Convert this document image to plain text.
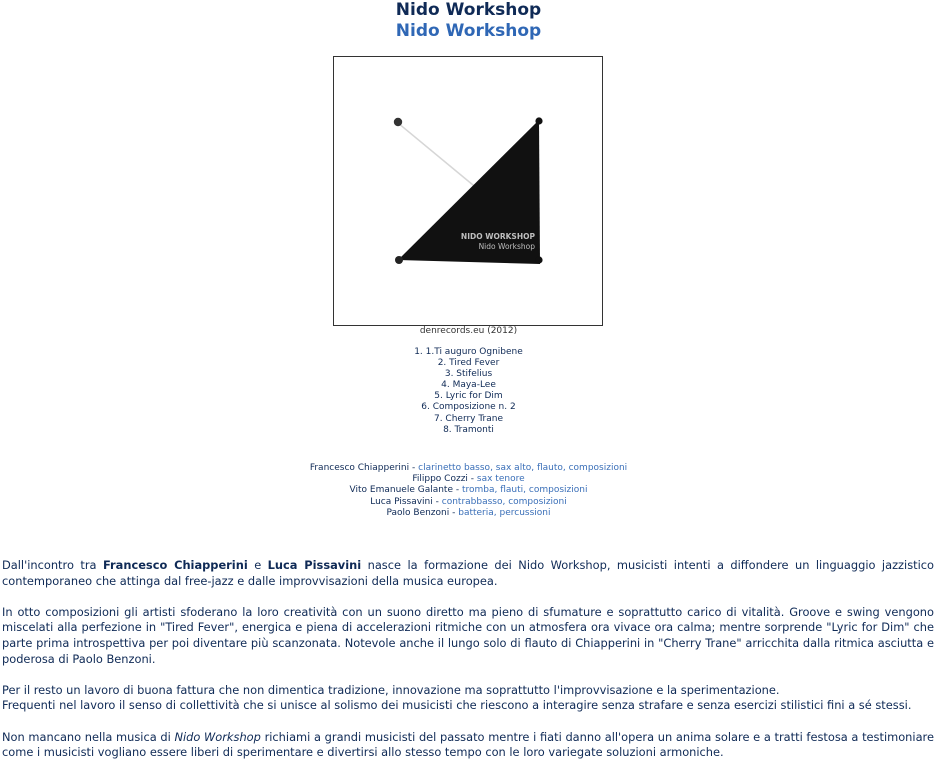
Nido Workshop
Nido Workshop
NIDO WORKSHOP
Nido Workshop
denrecords.eu (2012)
1. 1.Ti auguro Ognibene
2. Tired Fever
3. Stifelius
4. Maya-Lee
5. Lyric for Dim
6. Composizione n. 2
7. Cherry Trane
8. Tramonti
Francesco Chiapperini - clarinetto basso, sax alto, flauto, composizioni
Filippo Cozzi - sax tenore
Vito Emanuele Galante - tromba, flauti, composizioni
Luca Pissavini - contrabbasso, composizioni
Paolo Benzoni - batteria, percussioni

Dall'incontro tra Francesco Chiapperini e Luca Pissavini nasce la formazione dei Nido Workshop, musicisti intenti a diffondere un linguaggio jazzistico contemporaneo che attinga dal free-jazz e dalle improvvisazioni della musica europea.

In otto composizioni gli artisti sfoderano la loro creatività con un suono diretto ma pieno di sfumature e soprattutto carico di vitalità. Groove e swing vengono miscelati alla perfezione in "Tired Fever", energica e piena di accelerazioni ritmiche con un atmosfera ora vivace ora calma; mentre sorprende "Lyric for Dim" che parte prima introspettiva per poi diventare più scanzonata. Notevole anche il lungo solo di flauto di Chiapperini in "Cherry Trane" arricchita dalla ritmica asciutta e poderosa di Paolo Benzoni.

Per il resto un lavoro di buona fattura che non dimentica tradizione, innovazione ma soprattutto l'improvvisazione e la sperimentazione.
Frequenti nel lavoro il senso di collettività che si unisce al solismo dei musicisti che riescono a interagire senza strafare e senza esercizi stilistici fini a sé stessi.

Non mancano nella musica di Nido Workshop richiami a grandi musicisti del passato mentre i fiati danno all'opera un anima solare e a tratti festosa a testimoniare come i musicisti vogliano essere liberi di sperimentare e divertirsi allo stesso tempo con le loro variegate soluzioni armoniche.
